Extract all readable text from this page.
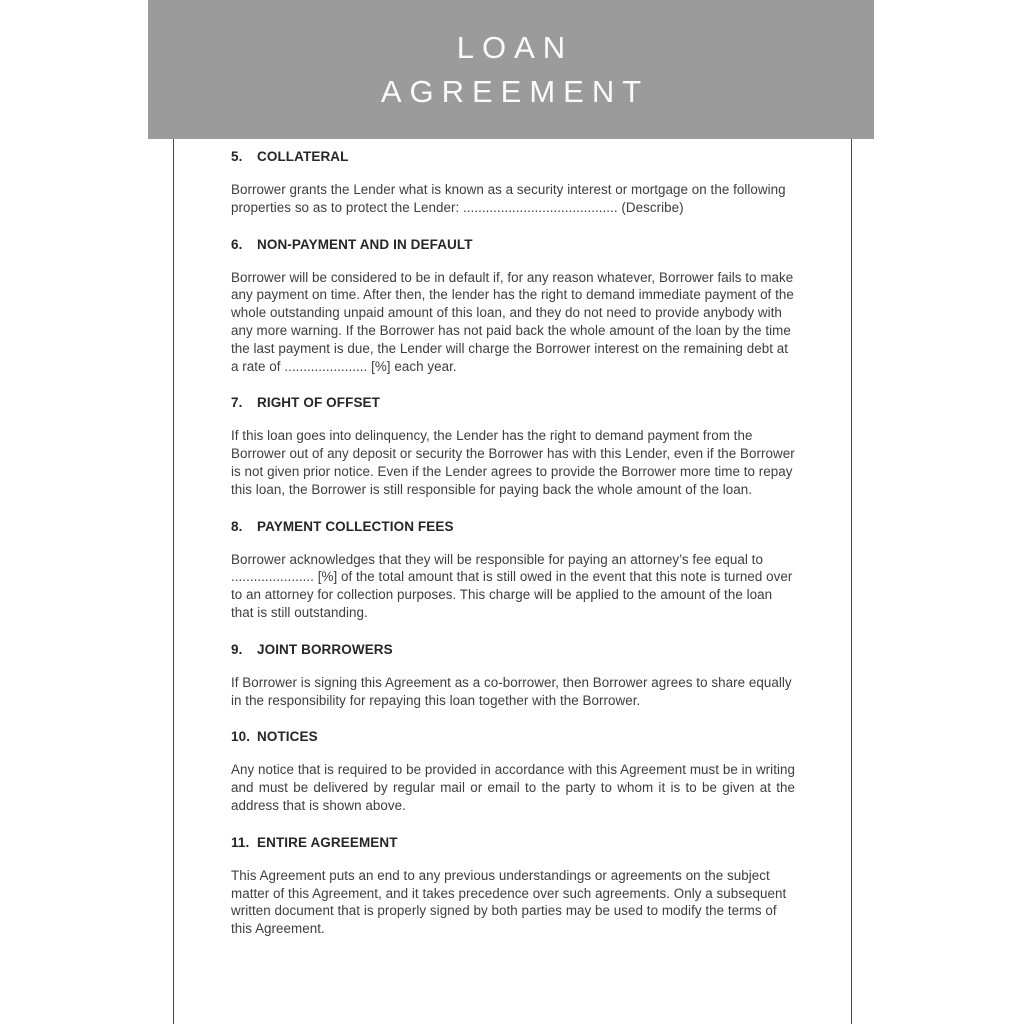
LOAN
AGREEMENT
5.	COLLATERAL

Borrower grants the Lender what is known as a security interest or mortgage on the following properties so as to protect the Lender: ......................................... (Describe)

6.	NON-PAYMENT AND IN DEFAULT

Borrower will be considered to be in default if, for any reason whatever, Borrower fails to make any payment on time. After then, the lender has the right to demand immediate payment of the whole outstanding unpaid amount of this loan, and they do not need to provide anybody with any more warning. If the Borrower has not paid back the whole amount of the loan by the time the last payment is due, the Lender will charge the Borrower interest on the remaining debt at a rate of ...................... [%] each year.

7.	RIGHT OF OFFSET

If this loan goes into delinquency, the Lender has the right to demand payment from the Borrower out of any deposit or security the Borrower has with this Lender, even if the Borrower is not given prior notice. Even if the Lender agrees to provide the Borrower more time to repay this loan, the Borrower is still responsible for paying back the whole amount of the loan.

8.	PAYMENT COLLECTION FEES

Borrower acknowledges that they will be responsible for paying an attorney’s fee equal to ...................... [%] of the total amount that is still owed in the event that this note is turned over to an attorney for collection purposes. This charge will be applied to the amount of the loan that is still outstanding.

9.	JOINT BORROWERS

If Borrower is signing this Agreement as a co-borrower, then Borrower agrees to share equally in the responsibility for repaying this loan together with the Borrower.

10. NOTICES

Any notice that is required to be provided in accordance with this Agreement must be in writing and must be delivered by regular mail or email to the party to whom it is to be given at the address that is shown above.

11. ENTIRE AGREEMENT

This Agreement puts an end to any previous understandings or agreements on the subject matter of this Agreement, and it takes precedence over such agreements. Only a subsequent written document that is properly signed by both parties may be used to modify the terms of this Agreement.
